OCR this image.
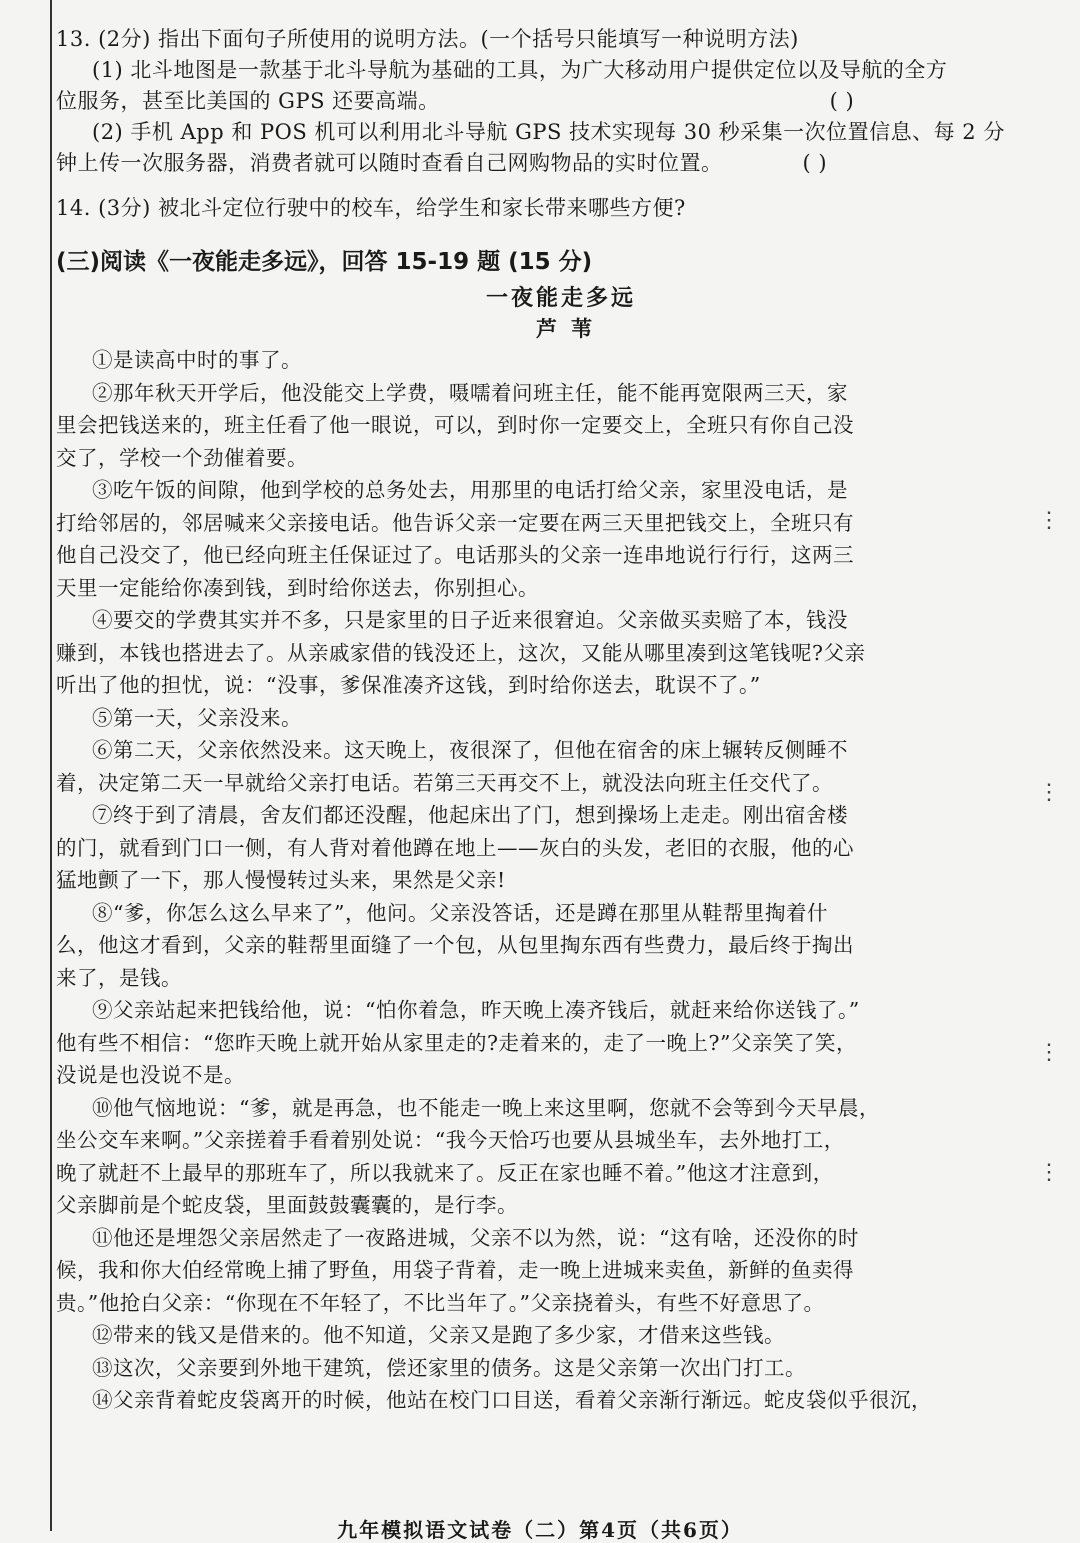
13. (2分) 指出下面句子所使用的说明方法。(一个括号只能填写一种说明方法)
(1) 北斗地图是一款基于北斗导航为基础的工具，为广大移动用户提供定位以及导航的全方
位服务，甚至比美国的 GPS 还要高端。	( )
(2) 手机 App 和 POS 机可以利用北斗导航 GPS 技术实现每 30 秒采集一次位置信息、每 2 分
钟上传一次服务器，消费者就可以随时查看自己网购物品的实时位置。	( )
14. (3分) 被北斗定位行驶中的校车，给学生和家长带来哪些方便?
(三)阅读《一夜能走多远》，回答 15-19 题 (15 分)
一夜能走多远
芦苇
①是读高中时的事了。
②那年秋天开学后，他没能交上学费，嗫嚅着问班主任，能不能再宽限两三天，家
里会把钱送来的，班主任看了他一眼说，可以，到时你一定要交上，全班只有你自己没
交了，学校一个劲催着要。
③吃午饭的间隙，他到学校的总务处去，用那里的电话打给父亲，家里没电话，是
打给邻居的，邻居喊来父亲接电话。他告诉父亲一定要在两三天里把钱交上，全班只有
他自己没交了，他已经向班主任保证过了。电话那头的父亲一连串地说行行行，这两三
天里一定能给你凑到钱，到时给你送去，你别担心。
④要交的学费其实并不多，只是家里的日子近来很窘迫。父亲做买卖赔了本，钱没
赚到，本钱也搭进去了。从亲戚家借的钱没还上，这次，又能从哪里凑到这笔钱呢?父亲
听出了他的担忧，说：“没事，爹保准凑齐这钱，到时给你送去，耽误不了。”
⑤第一天，父亲没来。
⑥第二天，父亲依然没来。这天晚上，夜很深了，但他在宿舍的床上辗转反侧睡不
着，决定第二天一早就给父亲打电话。若第三天再交不上，就没法向班主任交代了。
⑦终于到了清晨，舍友们都还没醒，他起床出了门，想到操场上走走。刚出宿舍楼
的门，就看到门口一侧，有人背对着他蹲在地上——灰白的头发，老旧的衣服，他的心
猛地颤了一下，那人慢慢转过头来，果然是父亲!
⑧“爹，你怎么这么早来了”，他问。父亲没答话，还是蹲在那里从鞋帮里掏着什
么，他这才看到，父亲的鞋帮里面缝了一个包，从包里掏东西有些费力，最后终于掏出
来了，是钱。
⑨父亲站起来把钱给他，说：“怕你着急，昨天晚上凑齐钱后，就赶来给你送钱了。”
他有些不相信：“您昨天晚上就开始从家里走的?走着来的，走了一晚上?”父亲笑了笑，
没说是也没说不是。
⑩他气恼地说：“爹，就是再急，也不能走一晚上来这里啊，您就不会等到今天早晨，
坐公交车来啊。”父亲搓着手看着别处说：“我今天恰巧也要从县城坐车，去外地打工，
晚了就赶不上最早的那班车了，所以我就来了。反正在家也睡不着。”他这才注意到，
父亲脚前是个蛇皮袋，里面鼓鼓囊囊的，是行李。
⑪他还是埋怨父亲居然走了一夜路进城，父亲不以为然，说：“这有啥，还没你的时
候，我和你大伯经常晚上捕了野鱼，用袋子背着，走一晚上进城来卖鱼，新鲜的鱼卖得
贵。”他抢白父亲：“你现在不年轻了，不比当年了。”父亲挠着头，有些不好意思了。
⑫带来的钱又是借来的。他不知道，父亲又是跑了多少家，才借来这些钱。
⑬这次，父亲要到外地干建筑，偿还家里的债务。这是父亲第一次出门打工。
⑭父亲背着蛇皮袋离开的时候，他站在校门口目送，看着父亲渐行渐远。蛇皮袋似乎很沉，
⋮
⋮
⋮
⋮
九年模拟语文试卷（二）第4页（共6页）
